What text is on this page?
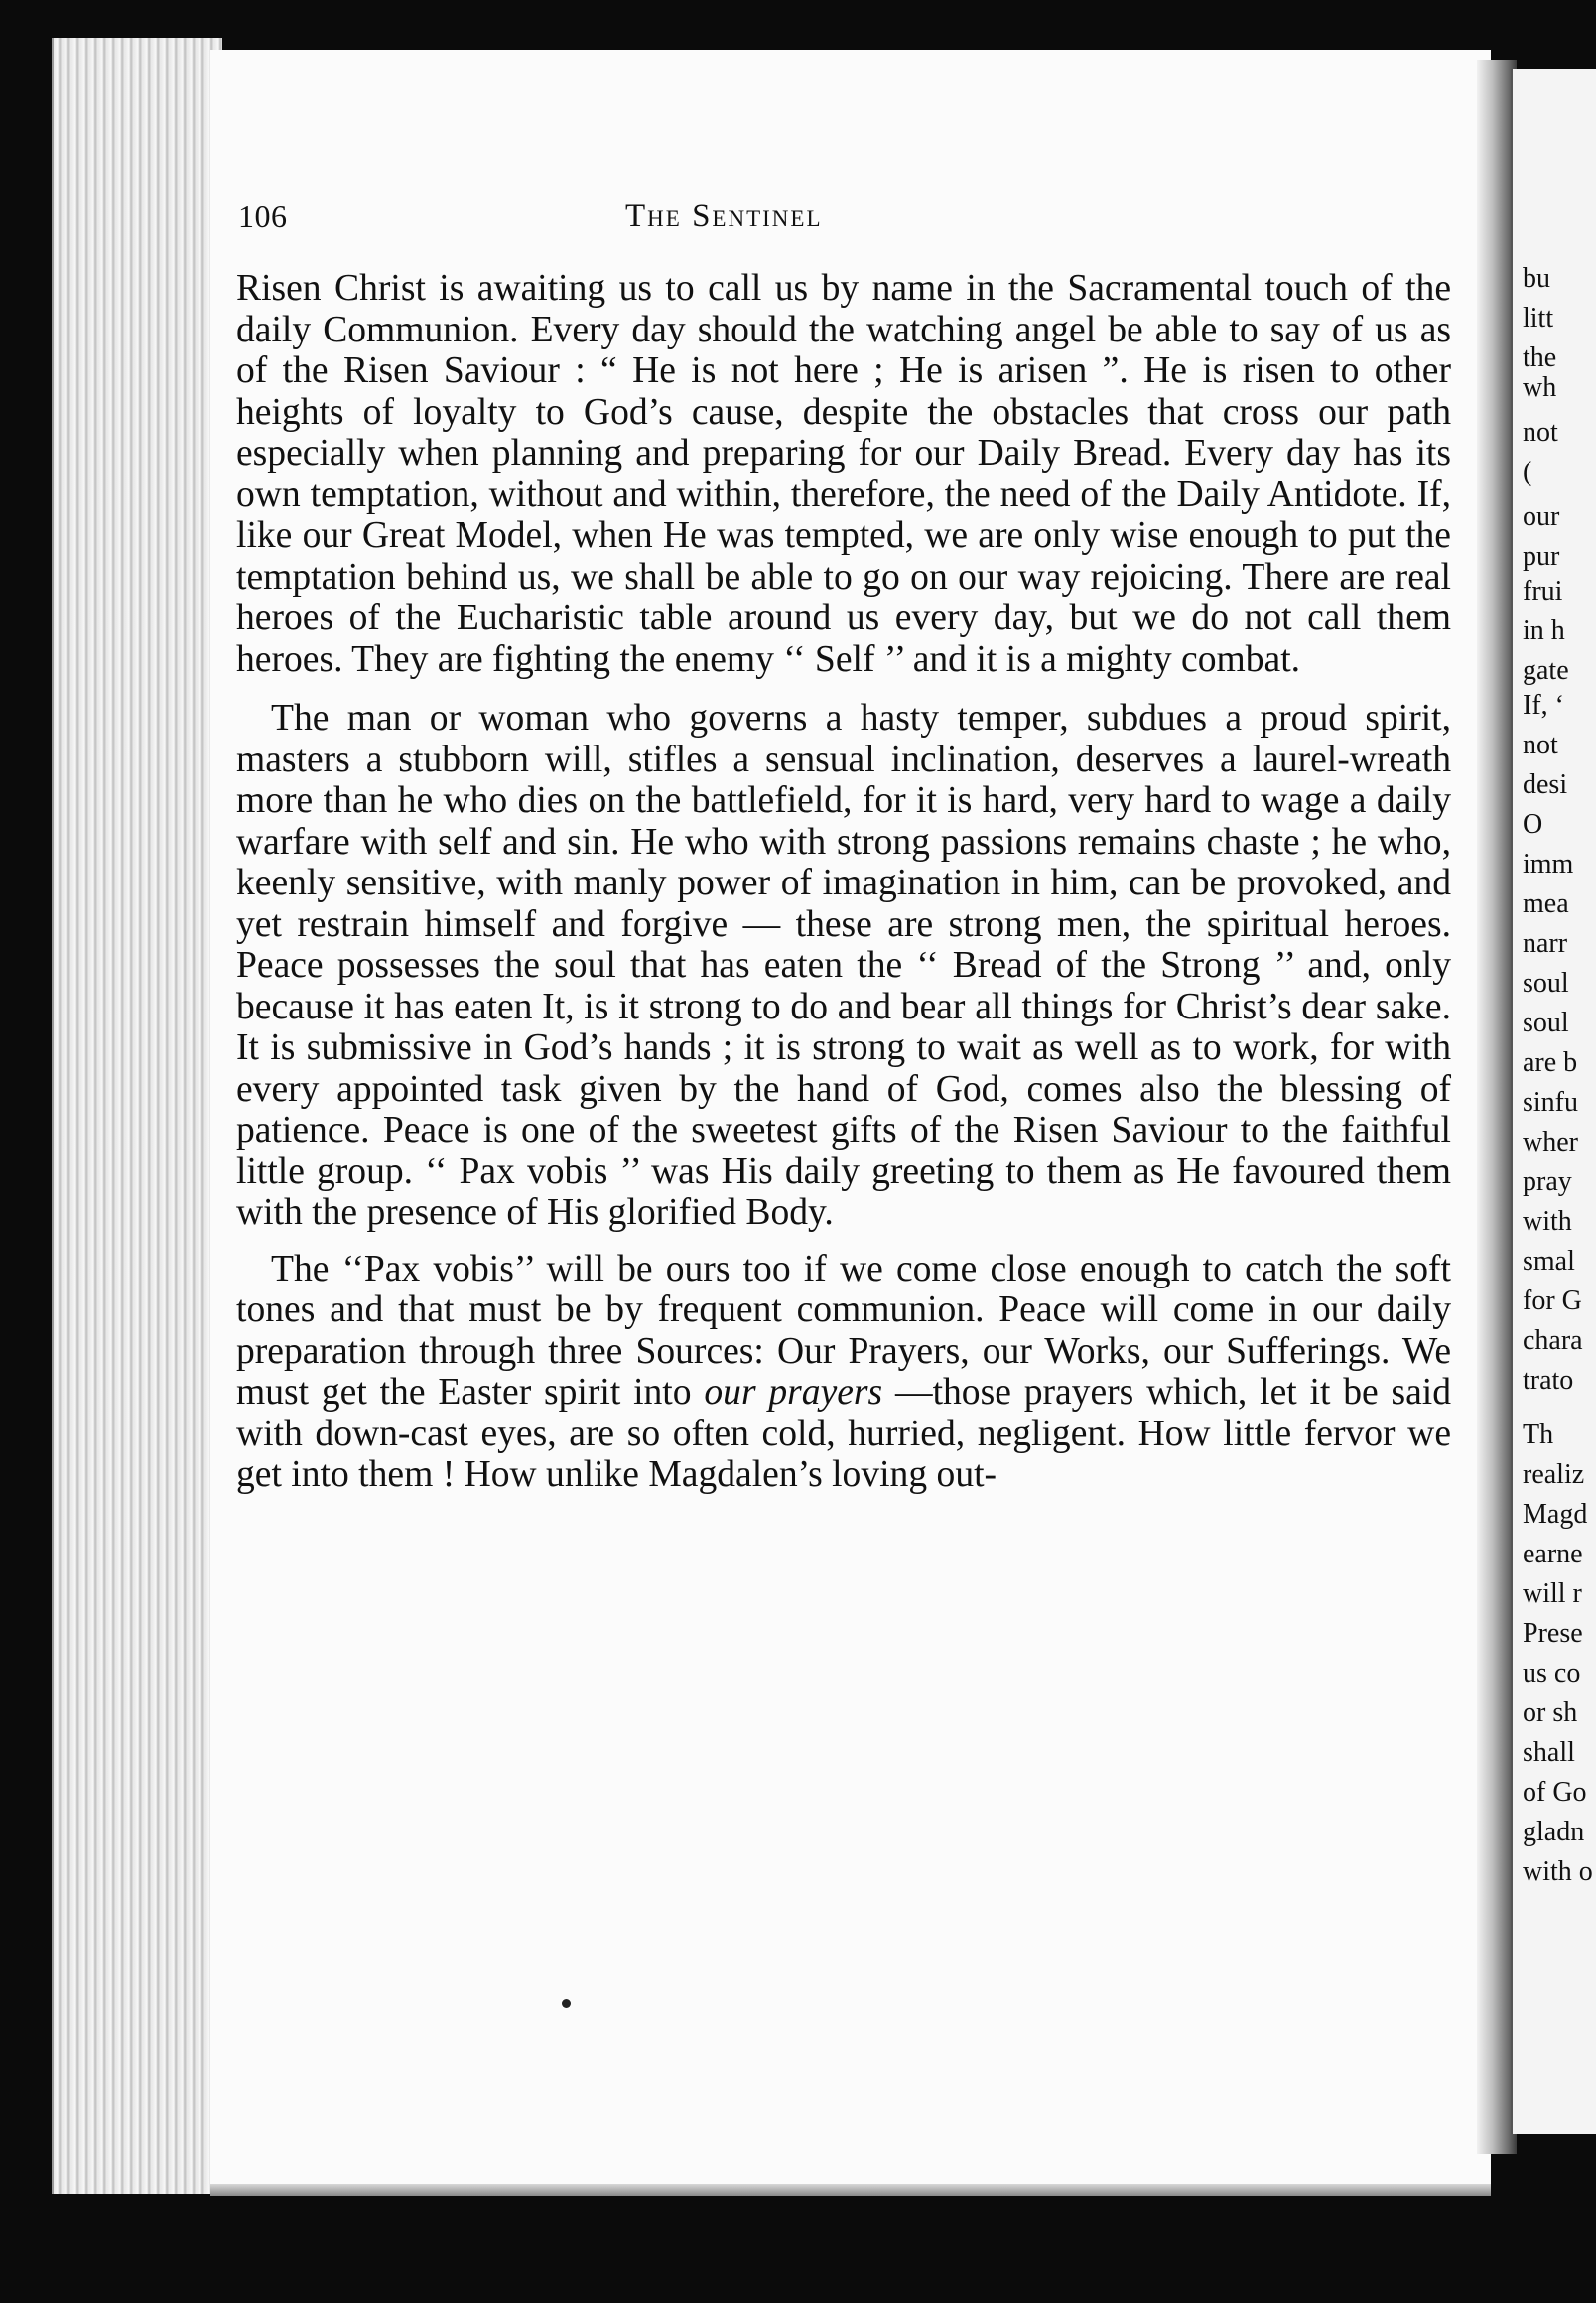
106	The Sentinel

Risen Christ is awaiting us to call us by name in the Sacramental touch of the daily Communion. Every day should the watching angel be able to say of us as of the Risen Saviour : “ He is not here ; He is arisen ”. He is risen to other heights of loyalty to God’s cause, despite the obstacles that cross our path especially when planning and preparing for our Daily Bread. Every day has its own temptation, without and within, therefore, the need of the Daily Antidote. If, like our Great Model, when He was tempted, we are only wise enough to put the temptation behind us, we shall be able to go on our way rejoicing. There are real heroes of the Eucharistic table around us every day, but we do not call them heroes. They are fighting the enemy ‘‘ Self ’’ and it is a mighty combat.

The man or woman who governs a hasty temper, subdues a proud spirit, masters a stubborn will, stifles a sensual inclination, deserves a laurel-wreath more than he who dies on the battlefield, for it is hard, very hard to wage a daily warfare with self and sin. He who with strong passions remains chaste ; he who, keenly sensitive, with manly power of imagination in him, can be provoked, and yet restrain himself and forgive — these are strong men, the spiritual heroes. Peace possesses the soul that has eaten the ‘‘ Bread of the Strong ’’ and, only because it has eaten It, is it strong to do and bear all things for Christ’s dear sake. It is submissive in God’s hands ; it is strong to wait as well as to work, for with every appointed task given by the hand of God, comes also the blessing of patience. Peace is one of the sweetest gifts of the Risen Saviour to the faithful little group. ‘‘ Pax vobis ’’ was His daily greeting to them as He favoured them with the presence of His glorified Body.

The ‘‘Pax vobis’’ will be ours too if we come close enough to catch the soft tones and that must be by frequent communion. Peace will come in our daily preparation through three Sources: Our Prayers, our Works, our Sufferings. We must get the Easter spirit into our prayers —those prayers which, let it be said with down-cast eyes, are so often cold, hurried, negligent. How little fervor we get into them ! How unlike Magdalen’s loving out-

bu
litt
the
wh
not
(
our
pur
frui
in h
gate
If, ‘
not
desi
O
imm
mea
narr
soul
soul
are b
sinfu
wher
pray
with
smal
for G
chara
trato
Th
realiz
Magd
earne
will r
Prese
us co
or sh
shall
of Go
gladn
with o
